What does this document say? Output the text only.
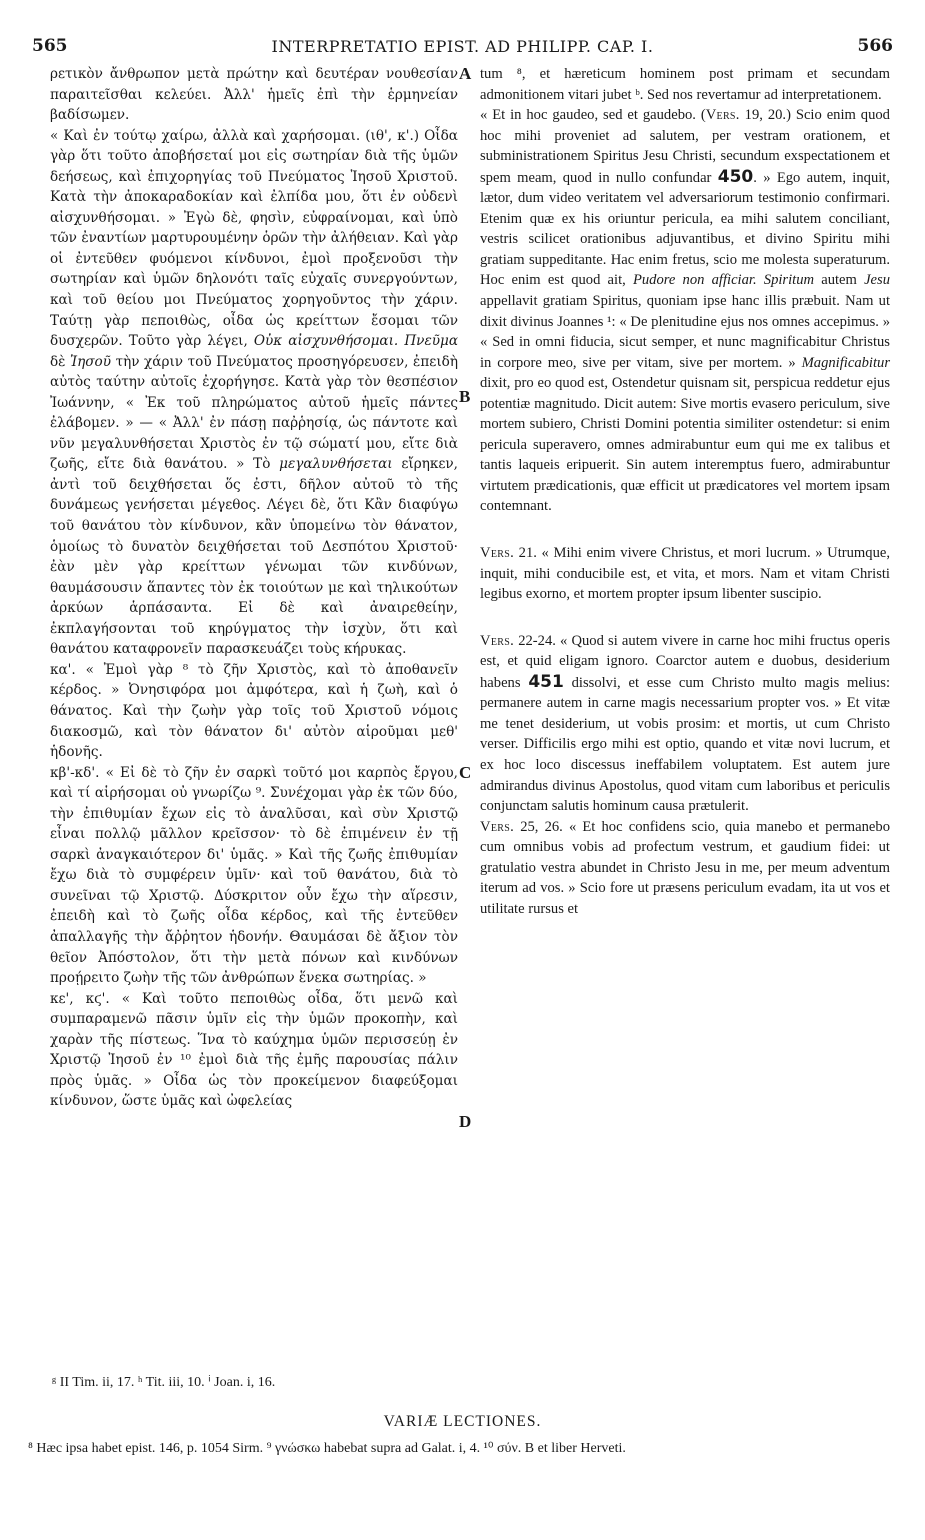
565	INTERPRETATIO EPIST. AD PHILIPP. CAP. I.	566
A
B
C
D

ρετικὸν ἄνθρωπον μετὰ πρώτην καὶ δευτέραν νουθεσίαν παραιτεῖσθαι κελεύει. Ἀλλ' ἡμεῖς ἐπὶ τὴν ἑρμηνείαν βαδίσωμεν.

« Καὶ ἐν τούτῳ χαίρω, ἀλλὰ καὶ χαρήσομαι. (ιθ', κ'.) Οἶδα γὰρ ὅτι τοῦτο ἀποβήσεταί μοι εἰς σωτηρίαν διὰ τῆς ὑμῶν δεήσεως, καὶ ἐπιχορηγίας τοῦ Πνεύματος Ἰησοῦ Χριστοῦ. Κατὰ τὴν ἀποκαραδοκίαν καὶ ἐλπίδα μου, ὅτι ἐν οὐδενὶ αἰσχυνθήσομαι. » Ἐγὼ δὲ, φησὶν, εὐφραίνομαι, καὶ ὑπὸ τῶν ἐναντίων μαρτυρουμένην ὁρῶν τὴν ἀλήθειαν. Καὶ γὰρ οἱ ἐντεῦθεν φυόμενοι κίνδυνοι, ἐμοὶ προξενοῦσι τὴν σωτηρίαν καὶ ὑμῶν δηλονότι ταῖς εὐχαῖς συνεργούντων, καὶ τοῦ θείου μοι Πνεύματος χορηγοῦντος τὴν χάριν. Ταύτῃ γὰρ πεποιθὼς, οἶδα ὡς κρείττων ἔσομαι τῶν δυσχερῶν. Τοῦτο γὰρ λέγει, Οὐκ αἰσχυνθήσομαι. Πνεῦμα δὲ Ἰησοῦ τὴν χάριν τοῦ Πνεύματος προσηγόρευσεν, ἐπειδὴ αὐτὸς ταύτην αὐτοῖς ἐχορήγησε. Κατὰ γὰρ τὸν θεσπέσιον Ἰωάννην, « Ἐκ τοῦ πληρώματος αὐτοῦ ἡμεῖς πάντες ἐλάβομεν. » — « Ἀλλ' ἐν πάσῃ παῤῥησίᾳ, ὡς πάντοτε καὶ νῦν μεγαλυνθήσεται Χριστὸς ἐν τῷ σώματί μου, εἴτε διὰ ζωῆς, εἴτε διὰ θανάτου. » Τὸ μεγαλυνθήσεται εἴρηκεν, ἀντὶ τοῦ δειχθήσεται ὅς ἐστι, δῆλον αὐτοῦ τὸ τῆς δυνάμεως γενήσεται μέγεθος. Λέγει δὲ, ὅτι Κἂν διαφύγω τοῦ θανάτου τὸν κίνδυνον, κἂν ὑπομείνω τὸν θάνατον, ὁμοίως τὸ δυνατὸν δειχθήσεται τοῦ Δεσπότου Χριστοῦ· ἐὰν μὲν γὰρ κρείττων γένωμαι τῶν κινδύνων, θαυμάσουσιν ἅπαντες τὸν ἐκ τοιούτων με καὶ τηλικούτων ἀρκύων ἁρπάσαντα. Εἰ δὲ καὶ ἀναιρεθείην, ἐκπλαγήσονται τοῦ κηρύγματος τὴν ἰσχὺν, ὅτι καὶ θανάτου καταφρονεῖν παρασκευάζει τοὺς κήρυκας.

κα'. « Ἐμοὶ γὰρ ⁸ τὸ ζῆν Χριστὸς, καὶ τὸ ἀποθανεῖν κέρδος. » Ὀνησιφόρα μοι ἀμφότερα, καὶ ἡ ζωὴ, καὶ ὁ θάνατος. Καὶ τὴν ζωὴν γὰρ τοῖς τοῦ Χριστοῦ νόμοις διακοσμῶ, καὶ τὸν θάνατον δι' αὐτὸν αἱροῦμαι μεθ' ἡδονῆς.

κβ'-κδ'. « Εἰ δὲ τὸ ζῆν ἐν σαρκὶ τοῦτό μοι καρπὸς ἔργου, καὶ τί αἱρήσομαι οὐ γνωρίζω ⁹. Συνέχομαι γὰρ ἐκ τῶν δύο, τὴν ἐπιθυμίαν ἔχων εἰς τὸ ἀναλῦσαι, καὶ σὺν Χριστῷ εἶναι πολλῷ μᾶλλον κρεῖσσον· τὸ δὲ ἐπιμένειν ἐν τῇ σαρκὶ ἀναγκαιότερον δι' ὑμᾶς. » Καὶ τῆς ζωῆς ἐπιθυμίαν ἔχω διὰ τὸ συμφέρειν ὑμῖν· καὶ τοῦ θανάτου, διὰ τὸ συνεῖναι τῷ Χριστῷ. Δύσκριτον οὖν ἔχω τὴν αἵρεσιν, ἐπειδὴ καὶ τὸ ζωῆς οἶδα κέρδος, καὶ τῆς ἐντεῦθεν ἀπαλλαγῆς τὴν ἄῤῥητον ἡδονήν. Θαυμάσαι δὲ ἄξιον τὸν θεῖον Ἀπόστολον, ὅτι τὴν μετὰ πόνων καὶ κινδύνων προῄρειτο ζωὴν τῆς τῶν ἀνθρώπων ἕνεκα σωτηρίας. »

κε', κϛ'. « Καὶ τοῦτο πεποιθὼς οἶδα, ὅτι μενῶ καὶ συμπαραμενῶ πᾶσιν ὑμῖν εἰς τὴν ὑμῶν προκοπὴν, καὶ χαρὰν τῆς πίστεως. Ἵνα τὸ καύχημα ὑμῶν περισσεύῃ ἐν Χριστῷ Ἰησοῦ ἐν ¹⁰ ἐμοὶ διὰ τῆς ἐμῆς παρουσίας πάλιν πρὸς ὑμᾶς. » Οἶδα ὡς τὸν προκείμενον διαφεύξομαι κίνδυνον, ὥστε ὑμᾶς καὶ ὠφελείας

tum ⁸, et hæreticum hominem post primam et secundam admonitionem vitari jubet ᵇ. Sed nos revertamur ad interpretationem.

« Et in hoc gaudeo, sed et gaudebo. (Vers. 19, 20.) Scio enim quod hoc mihi proveniet ad salutem, per vestram orationem, et subministrationem Spiritus Jesu Christi, secundum exspectationem et spem meam, quod in nullo confundar 450. » Ego autem, inquit, lætor, dum video veritatem vel adversariorum testimonio confirmari. Etenim quæ ex his oriuntur pericula, ea mihi salutem conciliant, vestris scilicet orationibus adjuvantibus, et divino Spiritu mihi gratiam suppeditante. Hac enim fretus, scio me molesta superaturum. Hoc enim est quod ait, Pudore non afficiar. Spiritum autem Jesu appellavit gratiam Spiritus, quoniam ipse hanc illis præbuit. Nam ut dixit divinus Joannes ¹: « De plenitudine ejus nos omnes accepimus. » « Sed in omni fiducia, sicut semper, et nunc magnificabitur Christus in corpore meo, sive per vitam, sive per mortem. » Magnificabitur dixit, pro eo quod est, Ostendetur quisnam sit, perspicua reddetur ejus potentiæ magnitudo. Dicit autem: Sive mortis evasero periculum, sive mortem subiero, Christi Domini potentia similiter ostendetur: si enim pericula superavero, omnes admirabuntur eum qui me ex talibus et tantis laqueis eripuerit. Sin autem interemptus fuero, admirabuntur virtutem prædicationis, quæ efficit ut prædicatores vel mortem ipsam contemnant.

Vers. 21. « Mihi enim vivere Christus, et mori lucrum. » Utrumque, inquit, mihi conducibile est, et vita, et mors. Nam et vitam Christi legibus exorno, et mortem propter ipsum libenter suscipio.

Vers. 22-24. « Quod si autem vivere in carne hoc mihi fructus operis est, et quid eligam ignoro. Coarctor autem e duobus, desiderium habens 451 dissolvi, et esse cum Christo multo magis melius: permanere autem in carne magis necessarium propter vos. » Et vitæ me tenet desiderium, ut vobis prosim: et mortis, ut cum Christo verser. Difficilis ergo mihi est optio, quando et vitæ novi lucrum, et ex hoc loco discessus ineffabilem voluptatem. Est autem jure admirandus divinus Apostolus, quod vitam cum laboribus et periculis conjunctam salutis hominum causa prætulerit.

Vers. 25, 26. « Et hoc confidens scio, quia manebo et permanebo cum omnibus vobis ad profectum vestrum, et gaudium fidei: ut gratulatio vestra abundet in Christo Jesu in me, per meum adventum iterum ad vos. » Scio fore ut præsens periculum evadam, ita ut vos et utilitate rursus et

ᵍ II Tim. ii, 17. ʰ Tit. iii, 10. ⁱ Joan. i, 16.
VARIÆ LECTIONES.
⁸ Hæc ipsa habet epist. 146, p. 1054 Sirm. ⁹ γνώσκω habebat supra ad Galat. i, 4. ¹⁰ σύν. B et liber Herveti.
